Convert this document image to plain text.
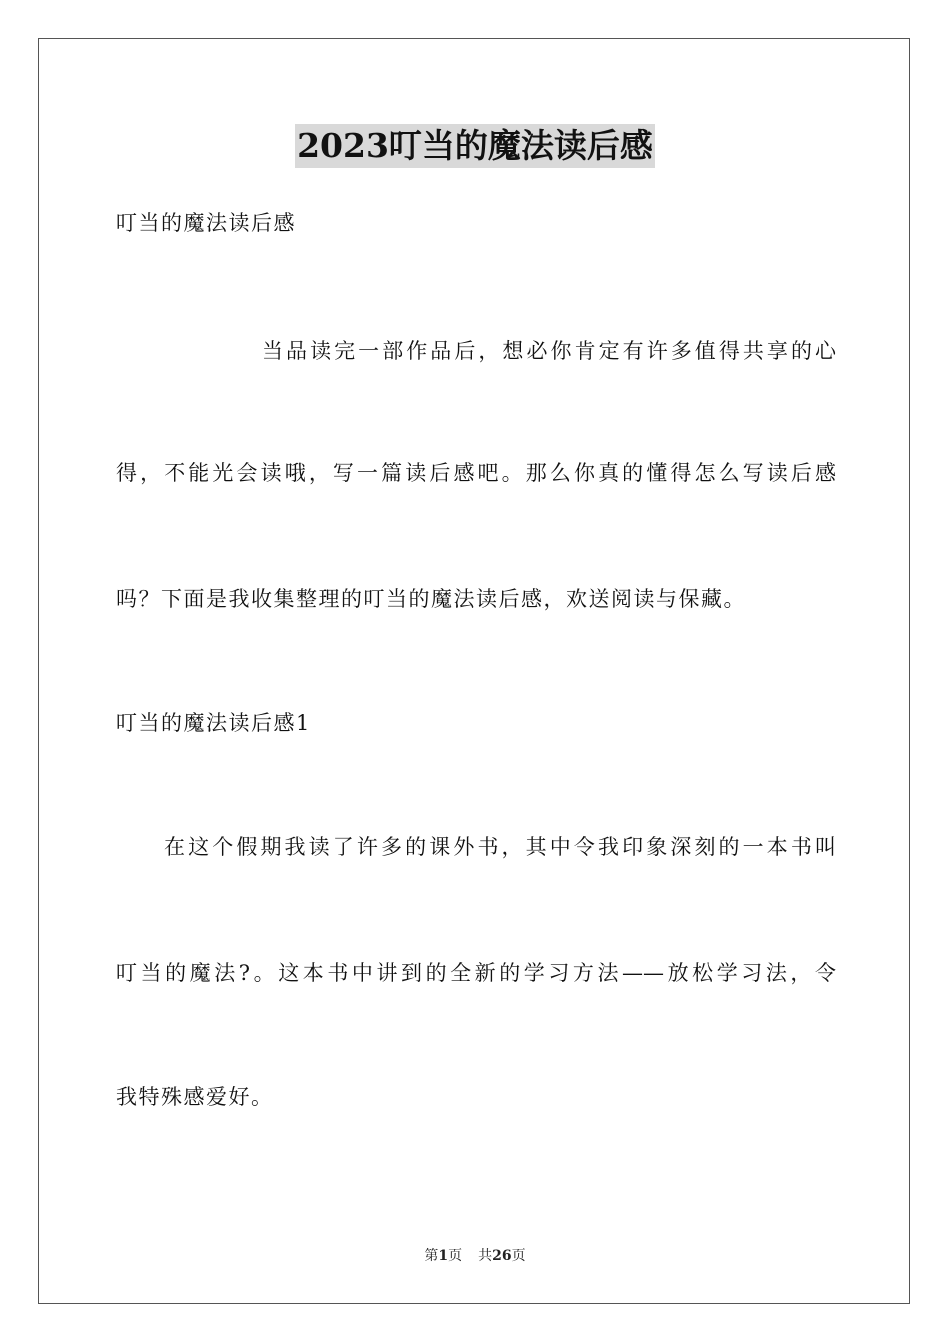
2023叮当的魔法读后感
叮当的魔法读后感
当品读完一部作品后，想必你肯定有许多值得共享的心
得，不能光会读哦，写一篇读后感吧。那么你真的懂得怎么写读后感
吗？下面是我收集整理的叮当的魔法读后感，欢送阅读与保藏。
叮当的魔法读后感1
在这个假期我读了许多的课外书，其中令我印象深刻的一本书叫
叮当的魔法?。这本书中讲到的全新的学习方法——放松学习法，令
我特殊感爱好。
第1页 共26页
